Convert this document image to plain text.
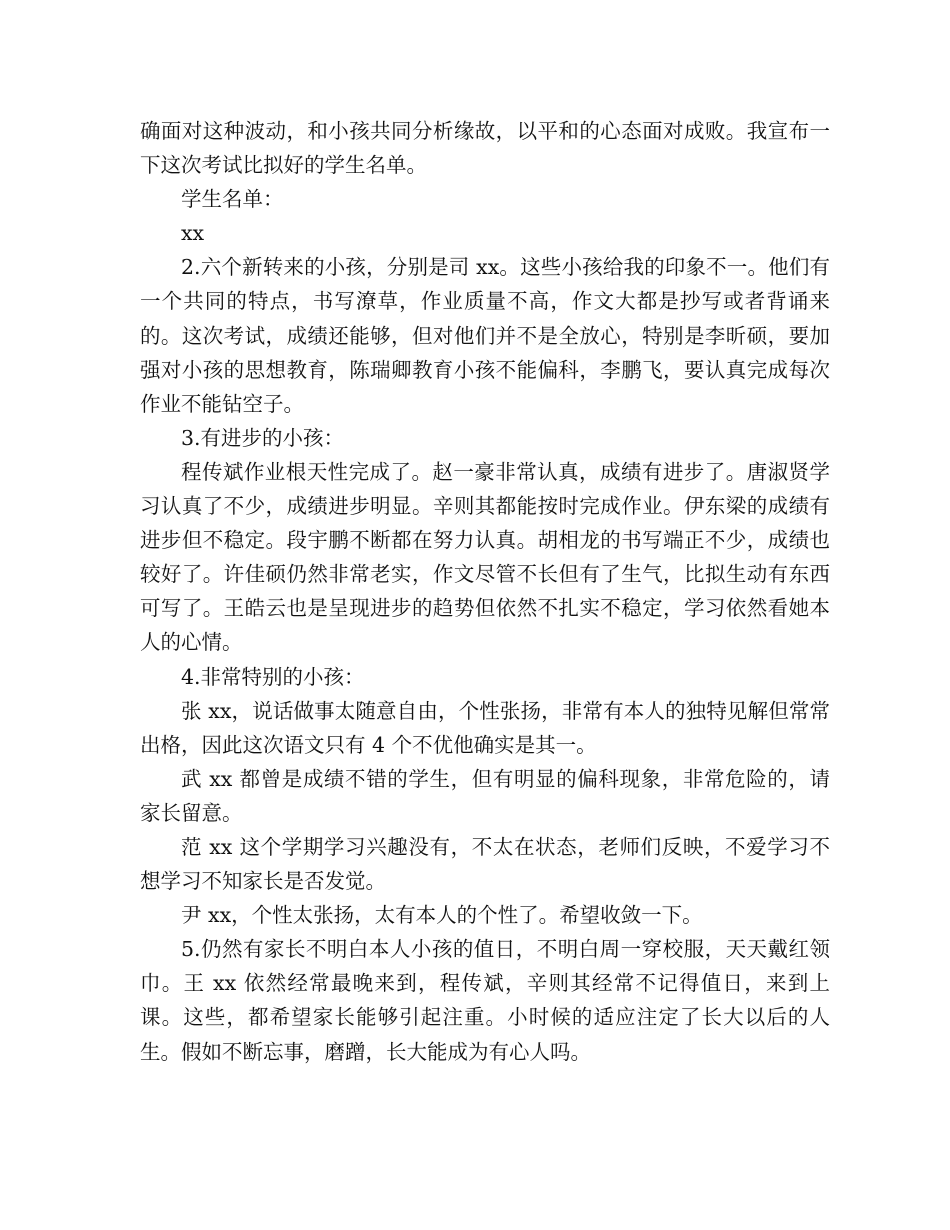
确面对这种波动，和小孩共同分析缘故，以平和的心态面对成败。我宣布一下这次考试比拟好的学生名单。

学生名单：

xx

2.六个新转来的小孩，分别是司 xx。这些小孩给我的印象不一。他们有一个共同的特点，书写潦草，作业质量不高，作文大都是抄写或者背诵来的。这次考试，成绩还能够，但对他们并不是全放心，特别是李昕硕，要加强对小孩的思想教育，陈瑞卿教育小孩不能偏科，李鹏飞，要认真完成每次作业不能钻空子。

3.有进步的小孩：

程传斌作业根天性完成了。赵一豪非常认真，成绩有进步了。唐淑贤学习认真了不少，成绩进步明显。辛则其都能按时完成作业。伊东梁的成绩有进步但不稳定。段宇鹏不断都在努力认真。胡相龙的书写端正不少，成绩也较好了。许佳硕仍然非常老实，作文尽管不长但有了生气，比拟生动有东西可写了。王皓云也是呈现进步的趋势但依然不扎实不稳定，学习依然看她本人的心情。

4.非常特别的小孩：

张 xx，说话做事太随意自由，个性张扬，非常有本人的独特见解但常常出格，因此这次语文只有 4 个不优他确实是其一。

武 xx 都曾是成绩不错的学生，但有明显的偏科现象，非常危险的，请家长留意。

范 xx 这个学期学习兴趣没有，不太在状态，老师们反映，不爱学习不想学习不知家长是否发觉。

尹 xx，个性太张扬，太有本人的个性了。希望收敛一下。

5.仍然有家长不明白本人小孩的值日，不明白周一穿校服，天天戴红领巾。王 xx 依然经常最晚来到，程传斌，辛则其经常不记得值日，来到上课。这些，都希望家长能够引起注重。小时候的适应注定了长大以后的人生。假如不断忘事，磨蹭，长大能成为有心人吗。
